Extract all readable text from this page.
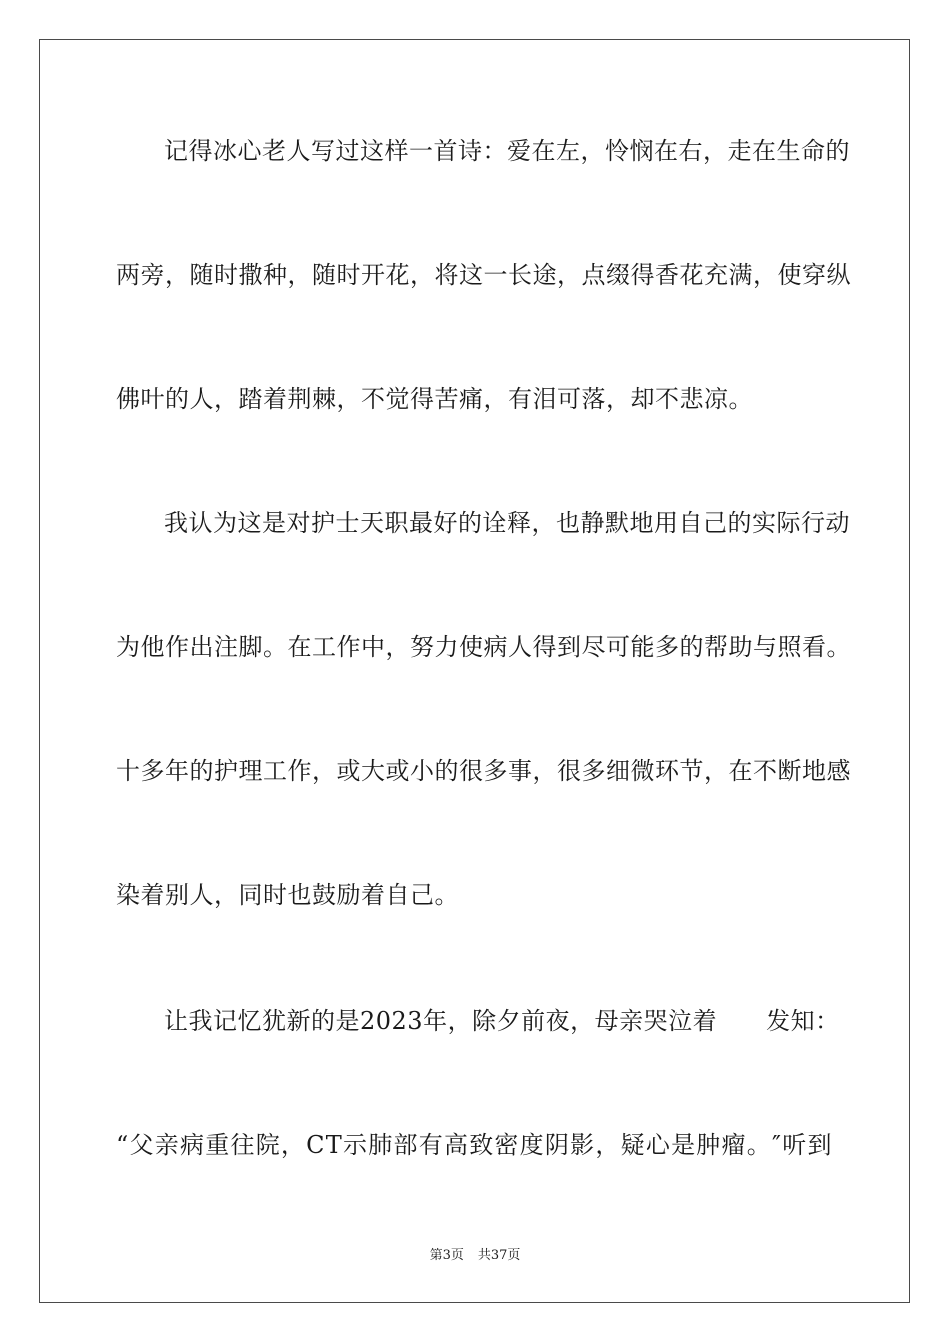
记 得 冰 心 老 人 写 过 这 样 一 首 诗 ： 爱 在 左 ， 怜 悯 在 右 ， 走 在 生 命 的
两 旁 ， 随 时 撒 种 ， 随 时 开 花 ， 将 这 一 长 途 ， 点 缀 得 香 花 充 满 ， 使 穿 纵
佛叶的人，踏着荆棘，不觉得苦痛，有泪可落，却不悲凉。
我 认 为 这 是 对 护 士 天 职 最 好 的 诠 释 ， 也 静 默 地 用 自 己 的 实 际 行 动
为 他 作 出 注 脚 。 在 工 作 中 ， 努 力 使 病 人 得 到 尽 可 能 多 的 帮 助 与 照 看 。
十 多 年 的 护 理 工 作 ， 或 大 或 小 的 很 多 事 ， 很 多 细 微 环 节 ， 在 不 断 地 感
染着别人，同时也鼓励着自己。
让我记忆犹新的是2023年，除夕前夜，母亲哭泣着　　发知：
“ 父 亲 病 重 往 院 ， C T 示 肺 部 有 高 致 密 度 阴 影 ， 疑 心 是 肿 瘤 。 ″ 听 到
第3页 共37页
